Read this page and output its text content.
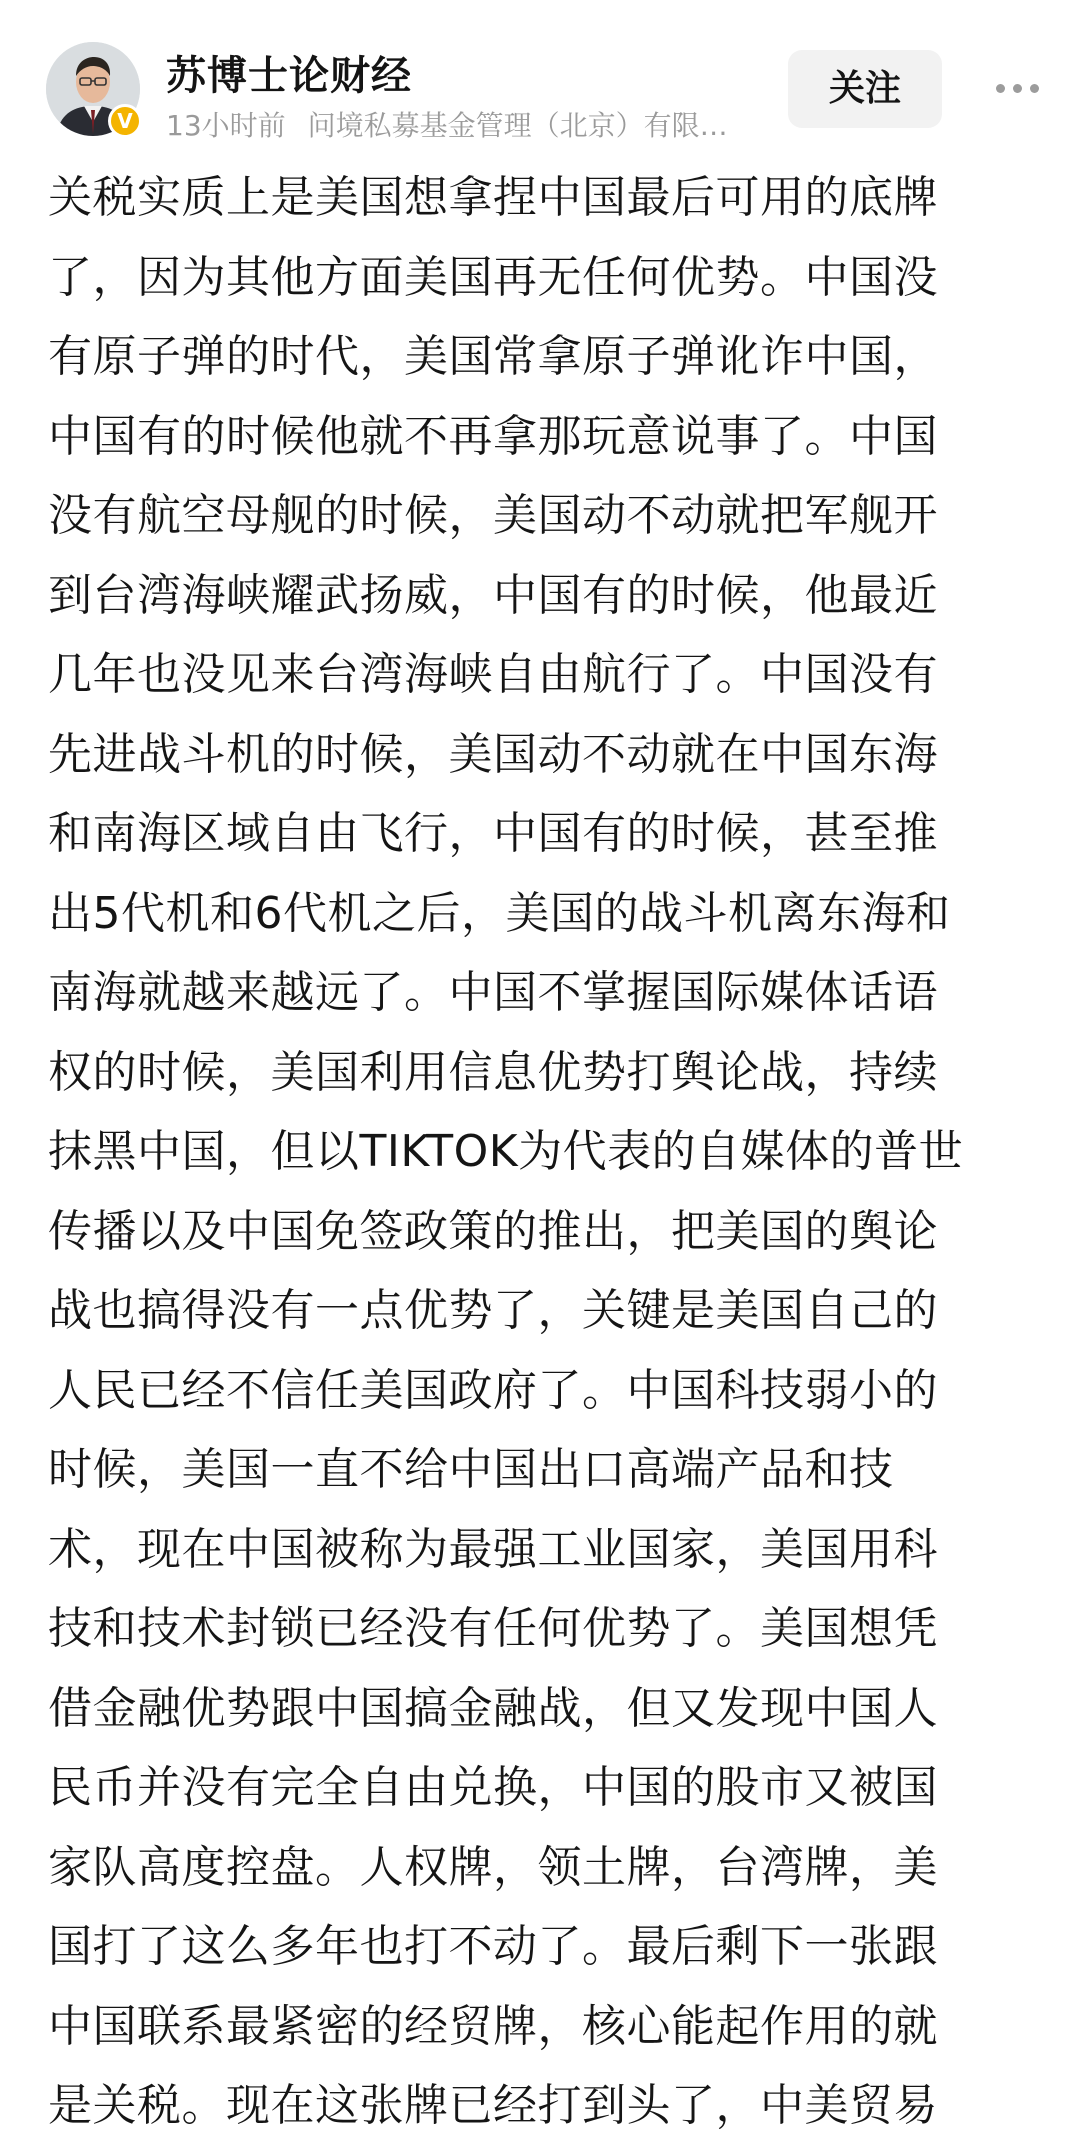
V
苏博士论财经
13小时前 问境私募基金管理（北京）有限…
关注

关税实质上是美国想拿捏中国最后可用的底牌

了，因为其他方面美国再无任何优势。中国没

有原子弹的时代，美国常拿原子弹讹诈中国，

中国有的时候他就不再拿那玩意说事了。中国

没有航空母舰的时候，美国动不动就把军舰开

到台湾海峡耀武扬威，中国有的时候，他最近

几年也没见来台湾海峡自由航行了。中国没有

先进战斗机的时候，美国动不动就在中国东海

和南海区域自由飞行，中国有的时候，甚至推

出5代机和6代机之后，美国的战斗机离东海和

南海就越来越远了。中国不掌握国际媒体话语

权的时候，美国利用信息优势打舆论战，持续

抹黑中国，但以TIKTOK为代表的自媒体的普世

传播以及中国免签政策的推出，把美国的舆论

战也搞得没有一点优势了，关键是美国自己的

人民已经不信任美国政府了。中国科技弱小的

时候，美国一直不给中国出口高端产品和技

术，现在中国被称为最强工业国家，美国用科

技和技术封锁已经没有任何优势了。美国想凭

借金融优势跟中国搞金融战，但又发现中国人

民币并没有完全自由兑换，中国的股市又被国

家队高度控盘。人权牌，领土牌，台湾牌，美

国打了这么多年也打不动了。最后剩下一张跟

中国联系最紧密的经贸牌，核心能起作用的就

是关税。现在这张牌已经打到头了，中美贸易
